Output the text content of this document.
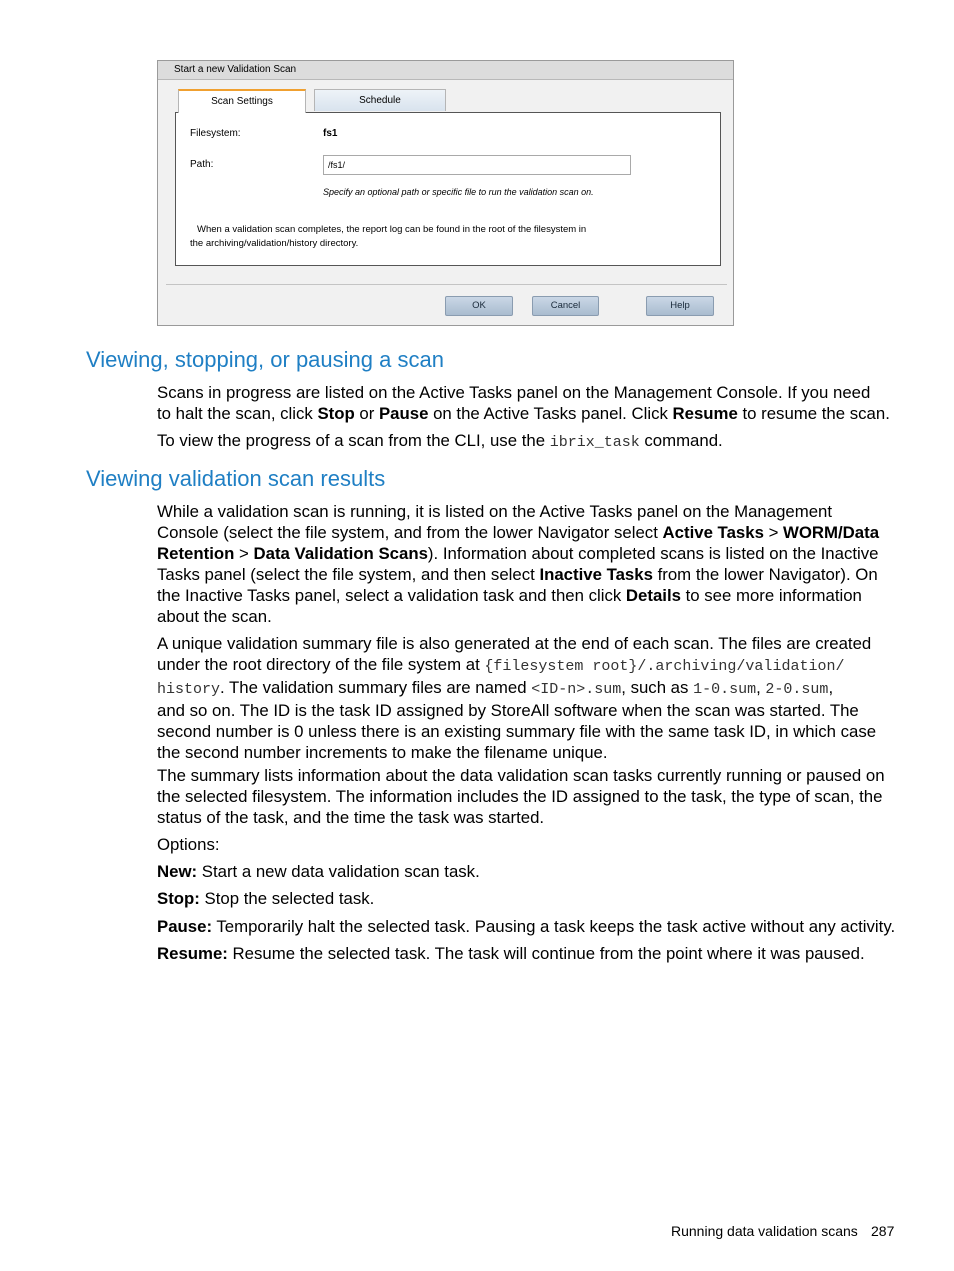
Start a new Validation Scan
Scan Settings	Schedule
Filesystem:	fs1
Path:	/fs1/
Specify an optional path or specific file to run the validation scan on.
When a validation scan completes, the report log can be found in the root of the filesystem in
the archiving/validation/history directory.
OK	Cancel	Help
Viewing, stopping, or pausing a scan

Scans in progress are listed on the Active Tasks panel on the Management Console. If you need
to halt the scan, click Stop or Pause on the Active Tasks panel. Click Resume to resume the scan.

To view the progress of a scan from the CLI, use the ibrix_task command.

Viewing validation scan results

While a validation scan is running, it is listed on the Active Tasks panel on the Management
Console (select the file system, and from the lower Navigator select Active Tasks > WORM/Data
Retention > Data Validation Scans). Information about completed scans is listed on the Inactive
Tasks panel (select the file system, and then select Inactive Tasks from the lower Navigator). On
the Inactive Tasks panel, select a validation task and then click Details to see more information
about the scan.

A unique validation summary file is also generated at the end of each scan. The files are created
under the root directory of the file system at {filesystem root}/.archiving/validation/
history. The validation summary files are named <ID-n>.sum, such as 1-0.sum, 2-0.sum,
and so on. The ID is the task ID assigned by StoreAll software when the scan was started. The
second number is 0 unless there is an existing summary file with the same task ID, in which case
the second number increments to make the filename unique.

The summary lists information about the data validation scan tasks currently running or paused on
the selected filesystem. The information includes the ID assigned to the task, the type of scan, the
status of the task, and the time the task was started.

Options:

New: Start a new data validation scan task.

Stop: Stop the selected task.

Pause: Temporarily halt the selected task. Pausing a task keeps the task active without any activity.

Resume: Resume the selected task. The task will continue from the point where it was paused.

Running data validation scans 287
